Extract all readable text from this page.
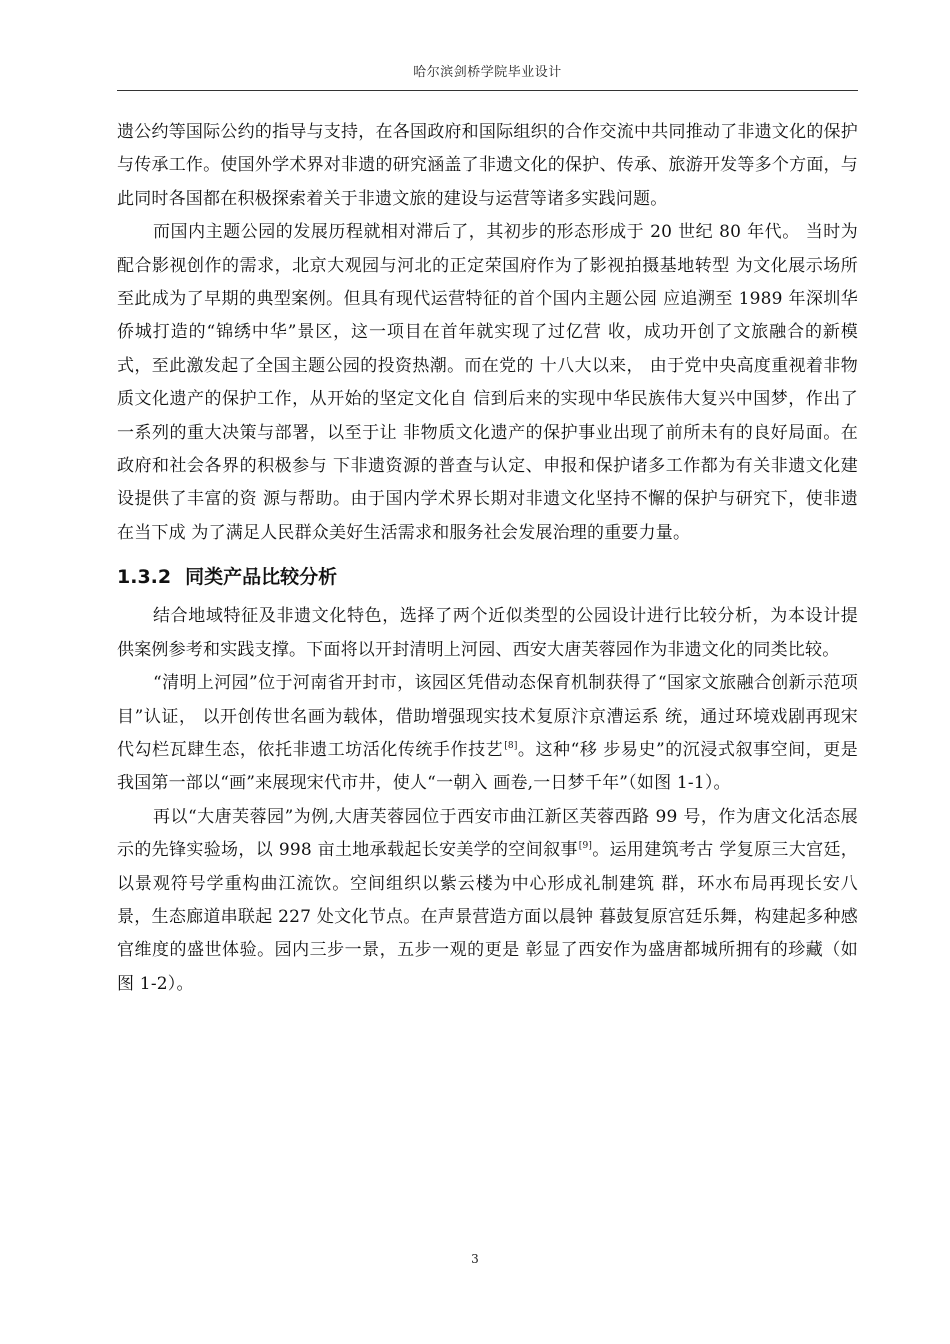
哈尔滨剑桥学院毕业设计

遗公约等国际公约的指导与支持，在各国政府和国际组织的合作交流中共同推动了非遗文化的保护与传承工作。使国外学术界对非遗的研究涵盖了非遗文化的保护、传承、旅游开发等多个方面，与此同时各国都在积极探索着关于非遗文旅的建设与运营等诸多实践问题。

而国内主题公园的发展历程就相对滞后了，其初步的形态形成于 20 世纪 80 年代。 当时为配合影视创作的需求，北京大观园与河北的正定荣国府作为了影视拍摄基地转型 为文化展示场所至此成为了早期的典型案例。但具有现代运营特征的首个国内主题公园 应追溯至 1989 年深圳华侨城打造的“锦绣中华”景区，这一项目在首年就实现了过亿营 收，成功开创了文旅融合的新模式，至此激发起了全国主题公园的投资热潮。而在党的 十八大以来， 由于党中央高度重视着非物质文化遗产的保护工作，从开始的坚定文化自 信到后来的实现中华民族伟大复兴中国梦，作出了一系列的重大决策与部署，以至于让 非物质文化遗产的保护事业出现了前所未有的良好局面。在政府和社会各界的积极参与 下非遗资源的普查与认定、申报和保护诸多工作都为有关非遗文化建设提供了丰富的资 源与帮助。由于国内学术界长期对非遗文化坚持不懈的保护与研究下，使非遗在当下成 为了满足人民群众美好生活需求和服务社会发展治理的重要力量。

1.3.2 同类产品比较分析

结合地域特征及非遗文化特色，选择了两个近似类型的公园设计进行比较分析，为本设计提供案例参考和实践支撑。下面将以开封清明上河园、西安大唐芙蓉园作为非遗文化的同类比较。

“清明上河园”位于河南省开封市，该园区凭借动态保育机制获得了“国家文旅融合创新示范项目”认证， 以开创传世名画为载体，借助增强现实技术复原汴京漕运系 统，通过环境戏剧再现宋代勾栏瓦肆生态，依托非遗工坊活化传统手作技艺[8]。这种“移 步易史”的沉浸式叙事空间，更是我国第一部以“画”来展现宋代市井，使人“一朝入 画卷,一日梦千年”（如图 1-1）。

再以“大唐芙蓉园”为例,大唐芙蓉园位于西安市曲江新区芙蓉西路 99 号，作为唐文化活态展示的先锋实验场，以 998 亩土地承载起长安美学的空间叙事[9]。运用建筑考古 学复原三大宫廷，以景观符号学重构曲江流饮。空间组织以紫云楼为中心形成礼制建筑 群，环水布局再现长安八景，生态廊道串联起 227 处文化节点。在声景营造方面以晨钟 暮鼓复原宫廷乐舞，构建起多种感官维度的盛世体验。园内三步一景，五步一观的更是 彰显了西安作为盛唐都城所拥有的珍藏（如图 1-2）。

3
